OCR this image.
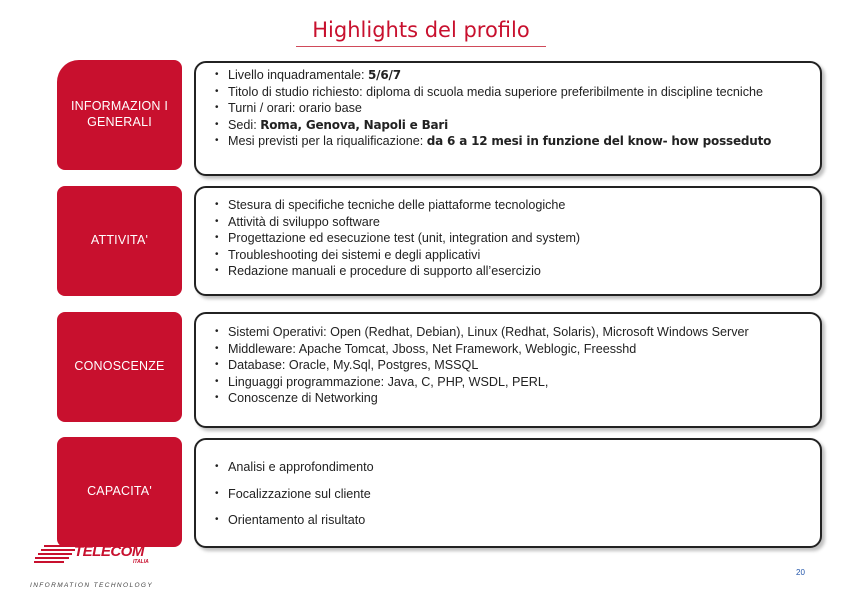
Highlights del profilo
INFORMAZION I GENERALI
• Livello inquadramentale: 5/6/7
• Titolo di studio richiesto: diploma di scuola media superiore preferibilmente in discipline tecniche
• Turni / orari: orario base
• Sedi: Roma, Genova, Napoli e Bari
• Mesi previsti per la riqualificazione: da 6 a 12 mesi in funzione del know- how posseduto
ATTIVITA'
• Stesura di specifiche tecniche delle piattaforme tecnologiche
• Attività di sviluppo software
• Progettazione ed esecuzione test (unit, integration and system)
• Troubleshooting dei sistemi e degli applicativi
• Redazione manuali e procedure di supporto all’esercizio
CONOSCENZE
• Sistemi Operativi: Open (Redhat, Debian), Linux (Redhat, Solaris), Microsoft Windows Server
• Middleware: Apache Tomcat, Jboss, Net Framework, Weblogic, Freesshd
• Database: Oracle, My.Sql, Postgres, MSSQL
• Linguaggi programmazione: Java, C, PHP, WSDL, PERL,
• Conoscenze di Networking
CAPACITA'
• Analisi e approfondimento
• Focalizzazione sul cliente
• Orientamento al risultato
TELECOM
ITALIA
INFORMATION TECHNOLOGY
20
